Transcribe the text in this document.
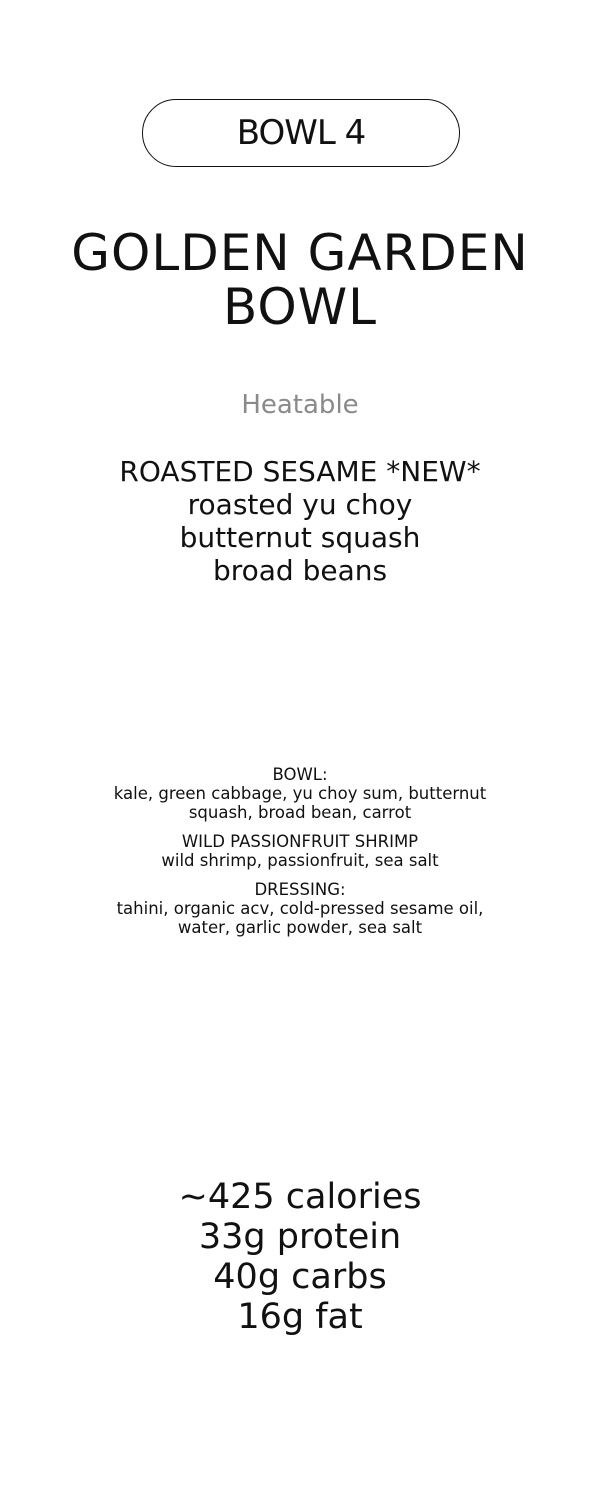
BOWL 4
GOLDEN GARDEN
BOWL
Heatable
ROASTED SESAME *NEW*
roasted yu choy
butternut squash
broad beans
BOWL:
kale, green cabbage, yu choy sum, butternut
squash, broad bean, carrot
WILD PASSIONFRUIT SHRIMP
wild shrimp, passionfruit, sea salt
DRESSING:
tahini, organic acv, cold-pressed sesame oil,
water, garlic powder, sea salt
~425 calories
33g protein
40g carbs
16g fat
